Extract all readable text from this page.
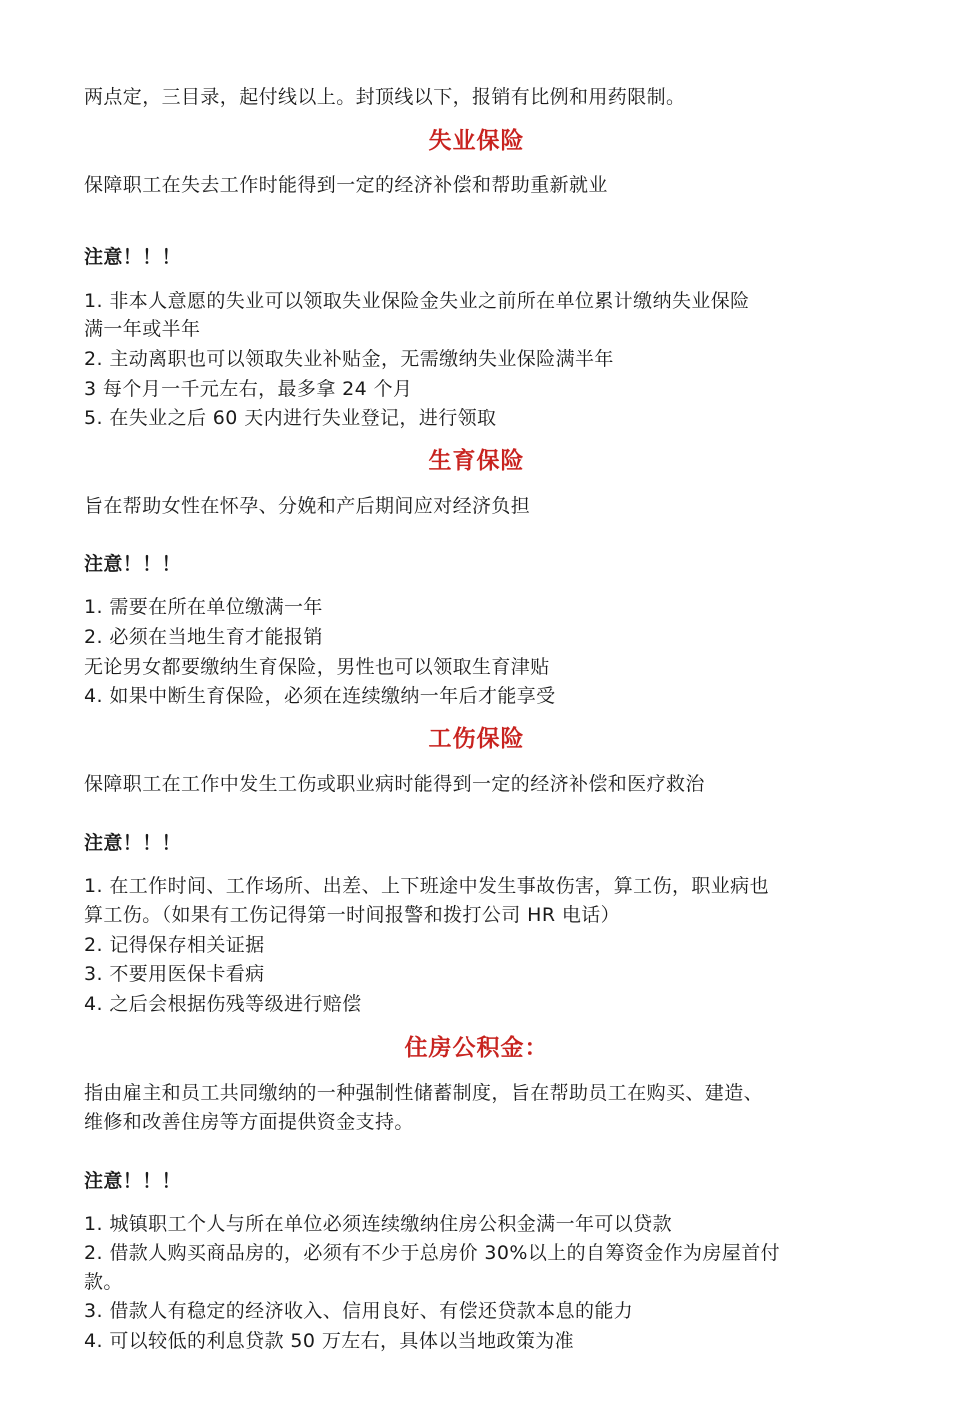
两点定，三目录，起付线以上。封顶线以下，报销有比例和用药限制。
失业保险
保障职工在失去工作时能得到一定的经济补偿和帮助重新就业
注意！！！
1. 非本人意愿的失业可以领取失业保险金失业之前所在单位累计缴纳失业保险
满一年或半年
2. 主动离职也可以领取失业补贴金，无需缴纳失业保险满半年
3 每个月一千元左右，最多拿 24 个月
5. 在失业之后 60 天内进行失业登记，进行领取
生育保险
旨在帮助女性在怀孕、分娩和产后期间应对经济负担
注意！！！
1. 需要在所在单位缴满一年
2. 必须在当地生育才能报销
无论男女都要缴纳生育保险，男性也可以领取生育津贴
4. 如果中断生育保险，必须在连续缴纳一年后才能享受
工伤保险
保障职工在工作中发生工伤或职业病时能得到一定的经济补偿和医疗救治
注意！！！
1. 在工作时间、工作场所、出差、上下班途中发生事故伤害，算工伤，职业病也
算工伤。（如果有工伤记得第一时间报警和拨打公司 HR 电话）
2. 记得保存相关证据
3. 不要用医保卡看病
4. 之后会根据伤残等级进行赔偿
住房公积金：
指由雇主和员工共同缴纳的一种强制性储蓄制度，旨在帮助员工在购买、建造、
维修和改善住房等方面提供资金支持。
注意！！！
1. 城镇职工个人与所在单位必须连续缴纳住房公积金满一年可以贷款
2. 借款人购买商品房的，必须有不少于总房价 30%以上的自筹资金作为房屋首付
款。
3. 借款人有稳定的经济收入、信用良好、有偿还贷款本息的能力
4. 可以较低的利息贷款 50 万左右，具体以当地政策为准
